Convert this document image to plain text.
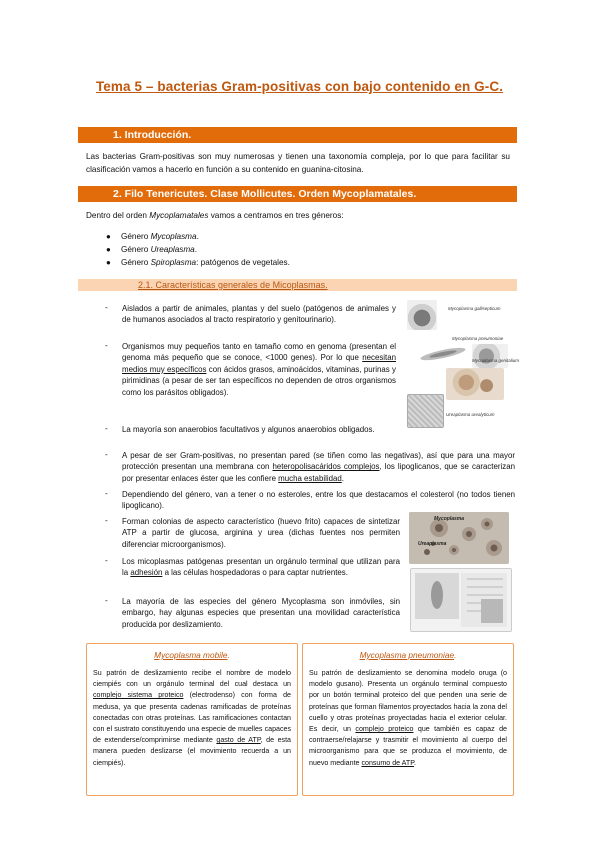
Tema 5 – bacterias Gram-positivas con bajo contenido en G-C.
1. Introducción.
Las bacterias Gram-positivas son muy numerosas y tienen una taxonomía compleja, por lo que para facilitar su clasificación vamos a hacerlo en función a su contenido en guanina-citosina.
2. Filo Tenericutes. Clase Mollicutes. Orden Mycoplamatales.
Dentro del orden Mycoplamatales vamos a centramos en tres géneros:
● Género Mycoplasma.
● Género Ureaplasma.
● Género Spiroplasma: patógenos de vegetales.
2.1. Características generales de Micoplasmas.
- Aislados a partir de animales, plantas y del suelo (patógenos de animales y de humanos asociados al tracto respiratorio y genitourinario).
- Organismos muy pequeños tanto en tamaño como en genoma (presentan el genoma más pequeño que se conoce, <1000 genes). Por lo que necesitan medios muy específicos con ácidos grasos, aminoácidos, vitaminas, purinas y pirimidinas (a pesar de ser tan específicos no dependen de otros organismos como los parásitos obligados).
- La mayoría son anaerobios facultativos y algunos anaerobios obligados.
- A pesar de ser Gram-positivas, no presentan pared (se tiñen como las negativas), así que para una mayor protección presentan una membrana con heteropolisacáridos complejos, los lipoglicanos, que se caracterizan por presentar enlaces éster que les confiere mucha estabilidad.
- Dependiendo del género, van a tener o no esteroles, entre los que destacamos el colesterol (no todos tienen lipoglicano).
- Forman colonias de aspecto característico (huevo frito) capaces de sintetizar ATP a partir de glucosa, arginina y urea (dichas fuentes nos permiten diferenciar microorganismos).
- Los micoplasmas patógenas presentan un orgánulo terminal que utilizan para la adhesión a las células hospedadoras o para captar nutrientes.
- La mayoría de las especies del género Mycoplasma son inmóviles, sin embargo, hay algunas especies que presentan una movilidad característica producida por deslizamiento.
Mycoplasma gallisepticum
Mycoplasma pneumoniae
Mycoplasma genitalium
Ureaplasma urealyticum
Mycoplasma
Ureaplasma
Mycoplasma mobile.
Su patrón de deslizamiento recibe el nombre de modelo ciempiés con un orgánulo terminal del cual destaca un complejo sistema proteico (electrodenso) con forma de medusa, ya que presenta cadenas ramificadas de proteínas conectadas con otras proteínas. Las ramificaciones contactan con el sustrato constituyendo una especie de muelles capaces de extenderse/comprimirse mediante gasto de ATP, de esta manera pueden deslizarse (el movimiento recuerda a un ciempiés).
Mycoplasma pneumoniae.
Su patrón de deslizamiento se denomina modelo oruga (o modelo gusano). Presenta un orgánulo terminal compuesto por un botón terminal proteico del que penden una serie de proteínas que forman filamentos proyectados hacia la zona del cuello y otras proteínas proyectadas hacia el exterior celular. Es decir, un complejo proteico que también es capaz de contraerse/relajarse y trasmitir el movimiento al cuerpo del microorganismo para que se produzca el movimiento, de nuevo mediante consumo de ATP.
